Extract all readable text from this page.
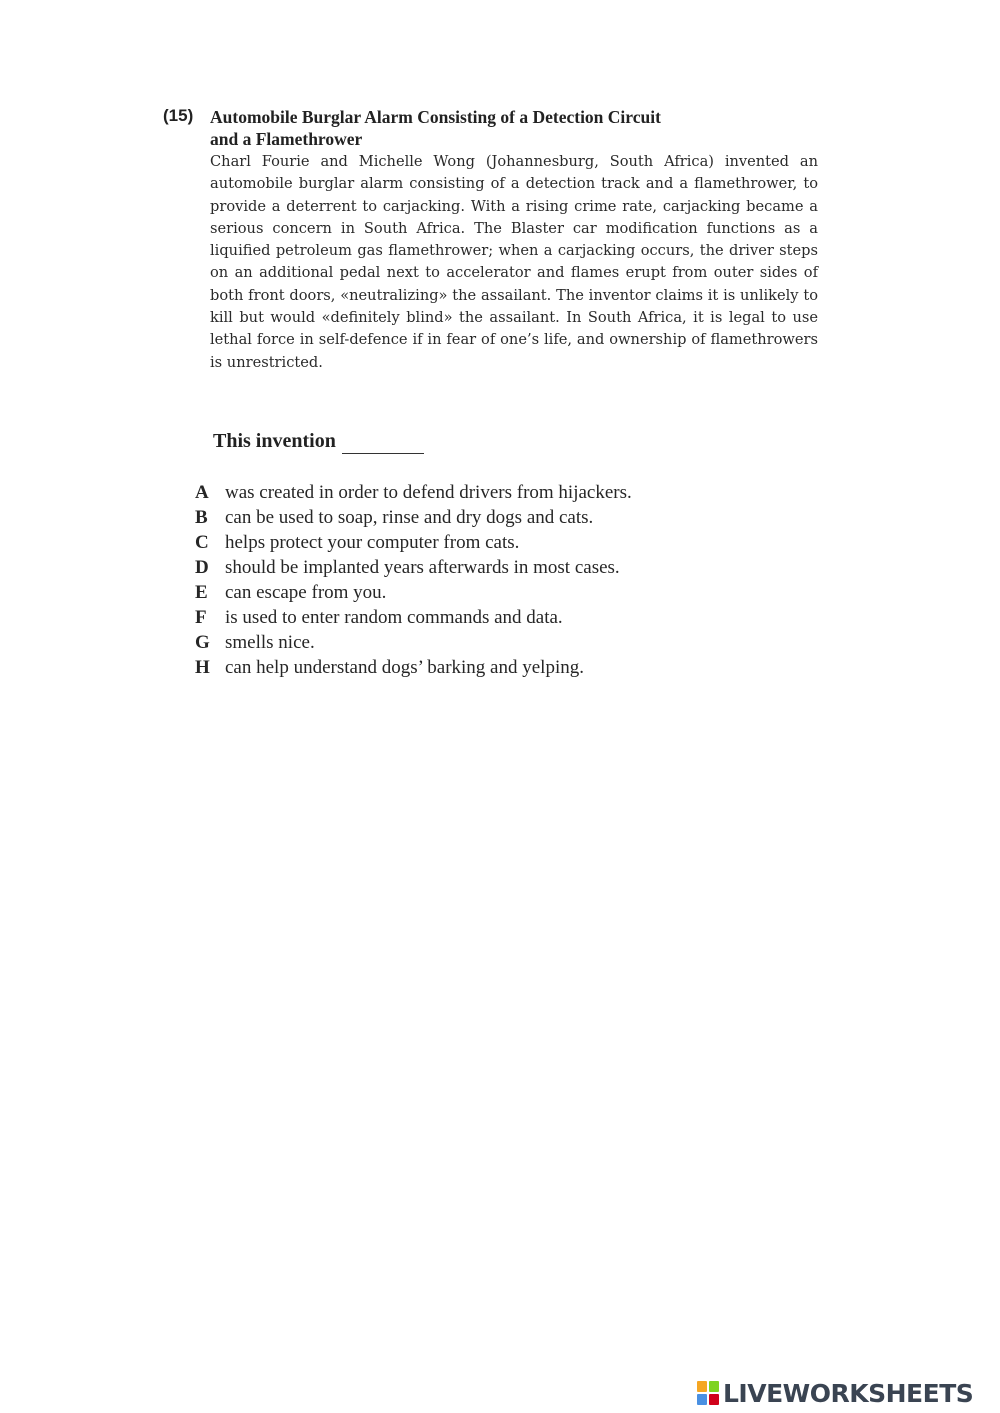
(15) Automobile Burglar Alarm Consisting of a Detection Circuit
and a Flamethrower

Charl Fourie and Michelle Wong (Johannesburg, South Africa) invented an automobile burglar alarm consisting of a detection track and a flamethrower, to provide a deterrent to carjacking. With a rising crime rate, carjacking became a serious concern in South Africa. The Blaster car modification functions as a liquified petroleum gas flamethrower; when a carjacking occurs, the driver steps on an additional pedal next to accelerator and flames erupt from outer sides of both front doors, «neutralizing» the assailant. The inventor claims it is unlikely to kill but would «definitely blind» the assailant. In South Africa, it is legal to use lethal force in self-defence if in fear of one’s life, and ownership of flamethrowers is unrestricted.

This invention
A was created in order to defend drivers from hijackers.
B can be used to soap, rinse and dry dogs and cats.
C helps protect your computer from cats.
D should be implanted years afterwards in most cases.
E can escape from you.
F is used to enter random commands and data.
G smells nice.
H can help understand dogs’ barking and yelping.
LIVEWORKSHEETS
